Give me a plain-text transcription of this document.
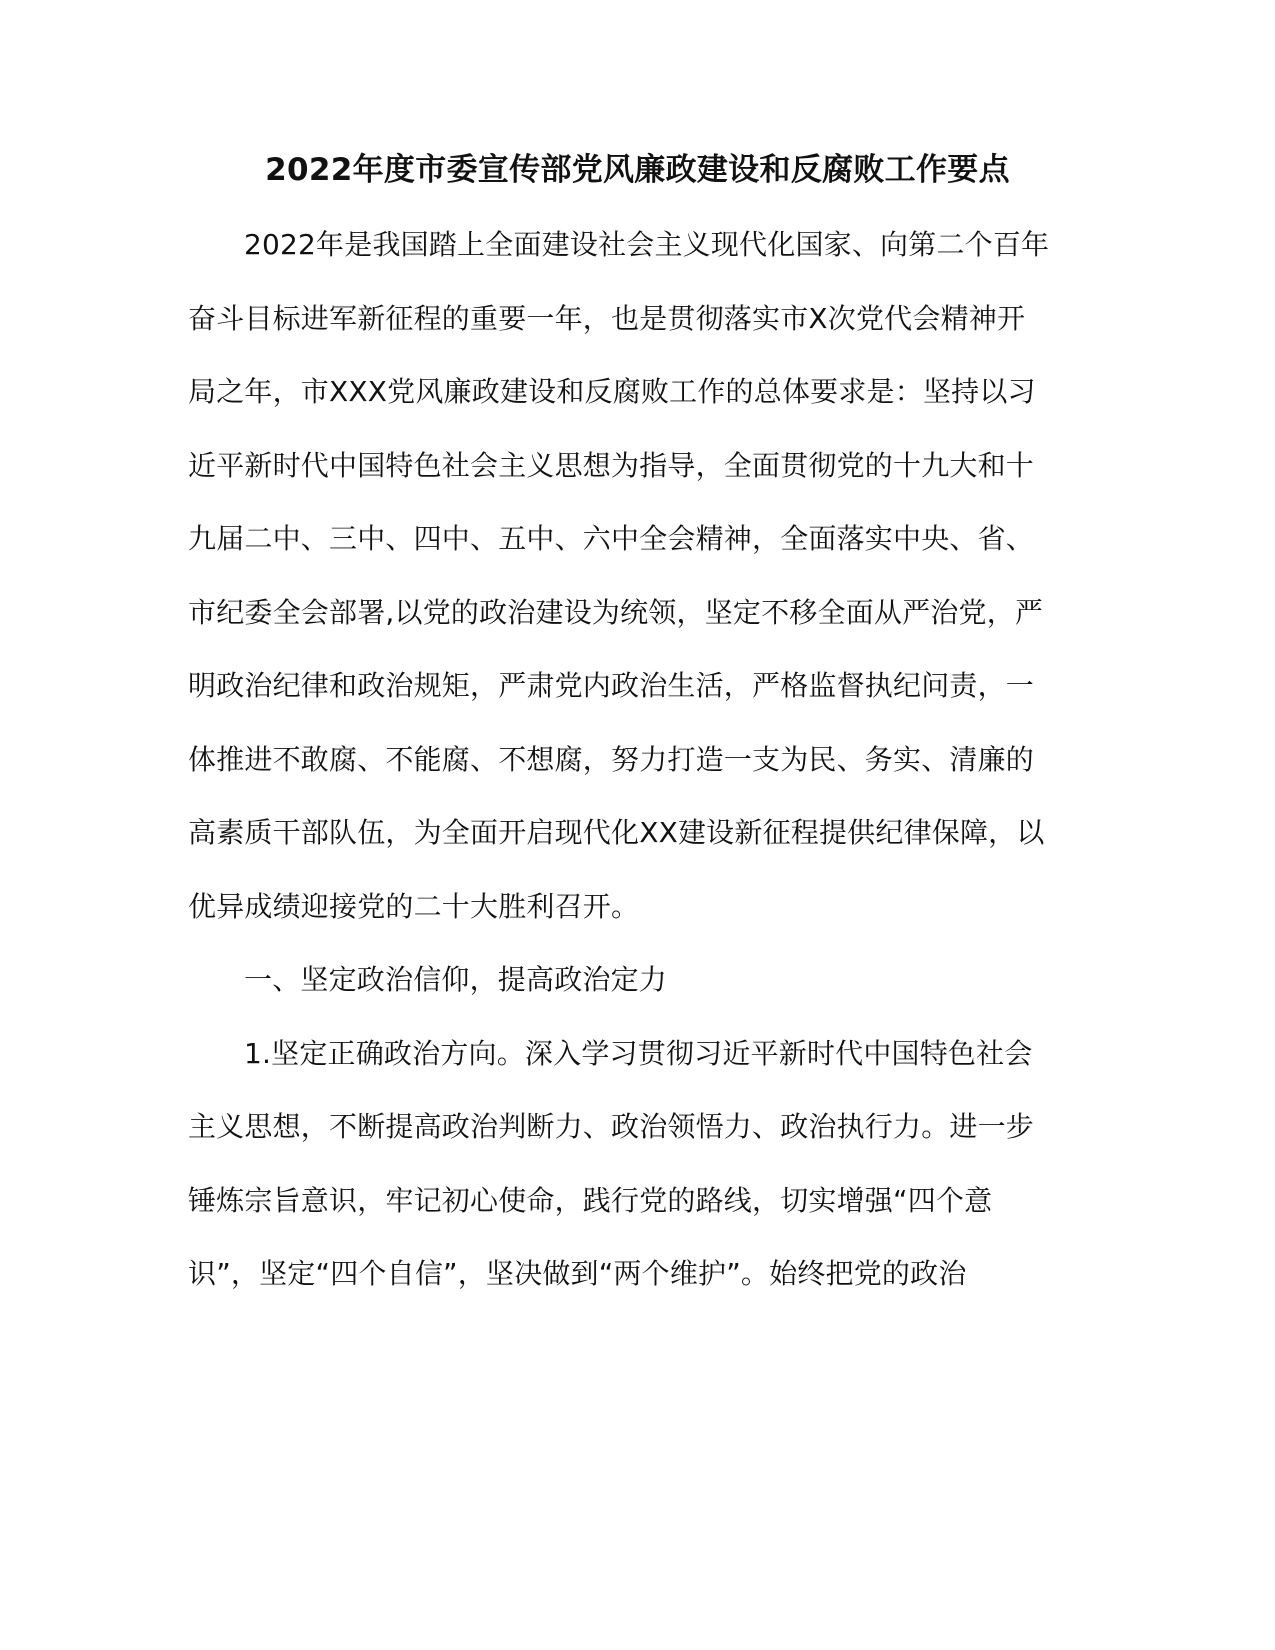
2022年度市委宣传部党风廉政建设和反腐败工作要点
2022年是我国踏上全面建设社会主义现代化国家、向第二个百年
奋斗目标进军新征程的重要一年，也是贯彻落实市X次党代会精神开
局之年，市XXX党风廉政建设和反腐败工作的总体要求是：坚持以习
近平新时代中国特色社会主义思想为指导，全面贯彻党的十九大和十
九届二中、三中、四中、五中、六中全会精神，全面落实中央、省、
市纪委全会部署,以党的政治建设为统领，坚定不移全面从严治党，严
明政治纪律和政治规矩，严肃党内政治生活，严格监督执纪问责，一
体推进不敢腐、不能腐、不想腐，努力打造一支为民、务实、清廉的
高素质干部队伍，为全面开启现代化XX建设新征程提供纪律保障，以
优异成绩迎接党的二十大胜利召开。
一、坚定政治信仰，提高政治定力
1.坚定正确政治方向。深入学习贯彻习近平新时代中国特色社会
主义思想，不断提高政治判断力、政治领悟力、政治执行力。进一步
锤炼宗旨意识，牢记初心使命，践行党的路线，切实增强“四个意
识”，坚定“四个自信”，坚决做到“两个维护”。始终把党的政治
